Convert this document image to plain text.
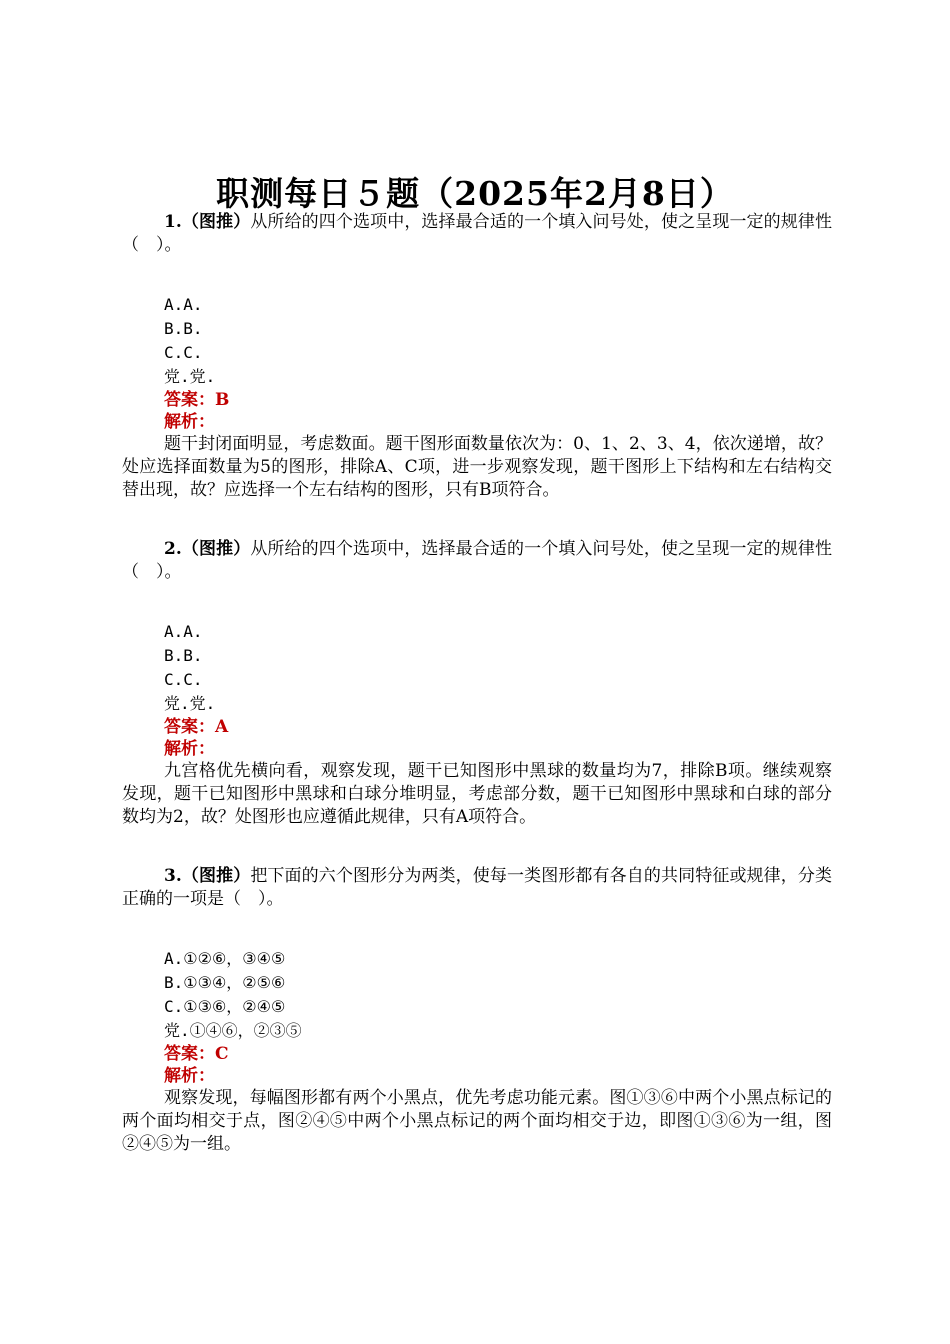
职测每日５题（2025年2月8日）
1.（图推）从所给的四个选项中，选择最合适的一个填入问号处，使之呈现一定的规律性（　）。
A.A.
B.B.
C.C.
党.党.
答案：B
解析：
题干封闭面明显，考虑数面。题干图形面数量依次为：0、1、2、3、4，依次递增，故？处应选择面数量为5的图形，排除A、C项，进一步观察发现，题干图形上下结构和左右结构交替出现，故？应选择一个左右结构的图形，只有B项符合。
2.（图推）从所给的四个选项中，选择最合适的一个填入问号处，使之呈现一定的规律性（　）。
A.A.
B.B.
C.C.
党.党.
答案：A
解析：
九宫格优先横向看，观察发现，题干已知图形中黑球的数量均为7，排除B项。继续观察发现，题干已知图形中黑球和白球分堆明显，考虑部分数，题干已知图形中黑球和白球的部分数均为2，故？处图形也应遵循此规律，只有A项符合。
3.（图推）把下面的六个图形分为两类，使每一类图形都有各自的共同特征或规律，分类正确的一项是（　）。
A.①②⑥，③④⑤
B.①③④，②⑤⑥
C.①③⑥，②④⑤
党.①④⑥，②③⑤
答案：C
解析：
观察发现，每幅图形都有两个小黑点，优先考虑功能元素。图①③⑥中两个小黑点标记的两个面均相交于点，图②④⑤中两个小黑点标记的两个面均相交于边，即图①③⑥为一组，图②④⑤为一组。
